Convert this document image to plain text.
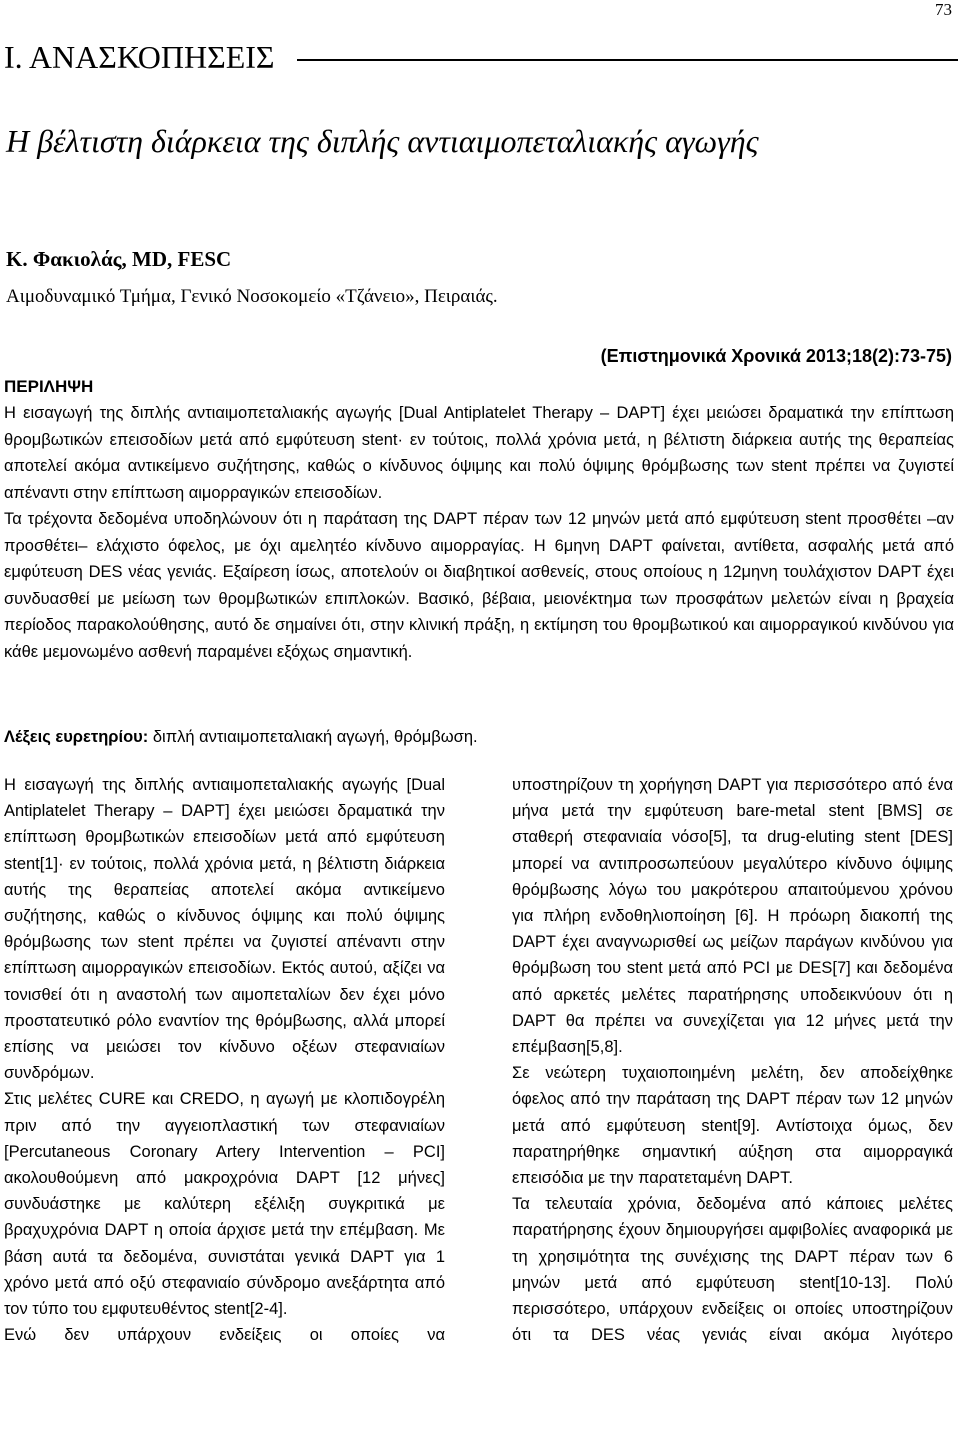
73
Ι. ΑΝΑΣΚΟΠΗΣΕΙΣ
Η βέλτιστη διάρκεια της διπλής αντιαιμοπεταλιακής αγωγής
Κ. Φακιολάς, MD, FESC
Αιμοδυναμικό Τμήμα, Γενικό Νοσοκομείο «Τζάνειο», Πειραιάς.
(Επιστημονικά Χρονικά 2013;18(2):73-75)
ΠΕΡΙΛΗΨΗ

Η εισαγωγή της διπλής αντιαιμοπεταλιακής αγωγής [Dual Antiplatelet Therapy – DAPT] έχει μειώσει δραματικά την επίπτωση θρομβωτικών επεισοδίων μετά από εμφύτευση stent· εν τούτοις, πολλά χρόνια μετά, η βέλτιστη διάρκεια αυτής της θεραπείας αποτελεί ακόμα αντικείμενο συζήτησης, καθώς ο κίνδυνος όψιμης και πολύ όψιμης θρόμβωσης των stent πρέπει να ζυγιστεί απέναντι στην επίπτωση αιμορραγικών επεισοδίων.

Τα τρέχοντα δεδομένα υποδηλώνουν ότι η παράταση της DAPT πέραν των 12 μηνών μετά από εμφύτευση stent προσθέτει –αν προσθέτει– ελάχιστο όφελος, με όχι αμελητέο κίνδυνο αιμορραγίας. Η 6μηνη DAPT φαίνεται, αντίθετα, ασφαλής μετά από εμφύτευση DES νέας γενιάς. Εξαίρεση ίσως, αποτελούν οι διαβητικοί ασθενείς, στους οποίους η 12μηνη τουλάχιστον DAPT έχει συνδυασθεί με μείωση των θρομβωτικών επιπλοκών. Βασικό, βέβαια, μειονέκτημα των προσφάτων μελετών είναι η βραχεία περίοδος παρακολούθησης, αυτό δε σημαίνει ότι, στην κλινική πράξη, η εκτίμηση του θρομβωτικού και αιμορραγικού κινδύνου για κάθε μεμονωμένο ασθενή παραμένει εξόχως σημαντική.

Λέξεις ευρετηρίου: διπλή αντιαιμοπεταλιακή αγωγή, θρόμβωση.

Η εισαγωγή της διπλής αντιαιμοπεταλιακής αγωγής [Dual Antiplatelet Therapy – DAPT] έχει μειώσει δραματικά την επίπτωση θρομβωτικών επεισοδίων μετά από εμφύτευση stent[1]· εν τούτοις, πολλά χρόνια μετά, η βέλτιστη διάρκεια αυτής της θεραπείας αποτελεί ακόμα αντικείμενο συζήτησης, καθώς ο κίνδυνος όψιμης και πολύ όψιμης θρόμβωσης των stent πρέπει να ζυγιστεί απέναντι στην επίπτωση αιμορραγικών επεισοδίων. Εκτός αυτού, αξίζει να τονισθεί ότι η αναστολή των αιμοπεταλίων δεν έχει μόνο προστατευτικό ρόλο εναντίον της θρόμβωσης, αλλά μπορεί επίσης να μειώσει τον κίνδυνο οξέων στεφανιαίων συνδρόμων.

Στις μελέτες CURE και CREDO, η αγωγή με κλοπιδογρέλη πριν από την αγγειοπλαστική των στεφανιαίων [Percutaneous Coronary Artery Intervention – PCI] ακολουθούμενη από μακροχρόνια DAPT [12 μήνες] συνδυάστηκε με καλύτερη εξέλιξη συγκριτικά με βραχυχρόνια DAPT η οποία άρχισε μετά την επέμβαση. Με βάση αυτά τα δεδομένα, συνιστάται γενικά DAPT για 1 χρόνο μετά από οξύ στεφανιαίο σύνδρομο ανεξάρτητα από τον τύπο του εμφυτευθέντος stent[2-4].

Ενώ δεν υπάρχουν ενδείξεις οι οποίες να

υποστηρίζουν τη χορήγηση DAPT για περισσότερο από ένα μήνα μετά την εμφύτευση bare-metal stent [BMS] σε σταθερή στεφανιαία νόσο[5], τα drug-eluting stent [DES] μπορεί να αντιπροσωπεύουν μεγαλύτερο κίνδυνο όψιμης θρόμβωσης λόγω του μακρότερου απαιτούμενου χρόνου για πλήρη ενδοθηλιοποίηση [6]. Η πρόωρη διακοπή της DAPT έχει αναγνωρισθεί ως μείζων παράγων κινδύνου για θρόμβωση του stent μετά από PCI με DES[7] και δεδομένα από αρκετές μελέτες παρατήρησης υποδεικνύουν ότι η DAPT θα πρέπει να συνεχίζεται για 12 μήνες μετά την επέμβαση[5,8].

Σε νεώτερη τυχαιοποιημένη μελέτη, δεν αποδείχθηκε όφελος από την παράταση της DAPT πέραν των 12 μηνών μετά από εμφύτευση stent[9]. Αντίστοιχα όμως, δεν παρατηρήθηκε σημαντική αύξηση στα αιμορραγικά επεισόδια με την παρατεταμένη DAPT.

Τα τελευταία χρόνια, δεδομένα από κάποιες μελέτες παρατήρησης έχουν δημιουργήσει αμφιβολίες αναφορικά με τη χρησιμότητα της συνέχισης της DAPT πέραν των 6 μηνών μετά από εμφύτευση stent[10-13]. Πολύ περισσότερο, υπάρχουν ενδείξεις οι οποίες υποστηρίζουν ότι τα DES νέας γενιάς είναι ακόμα λιγότερο
